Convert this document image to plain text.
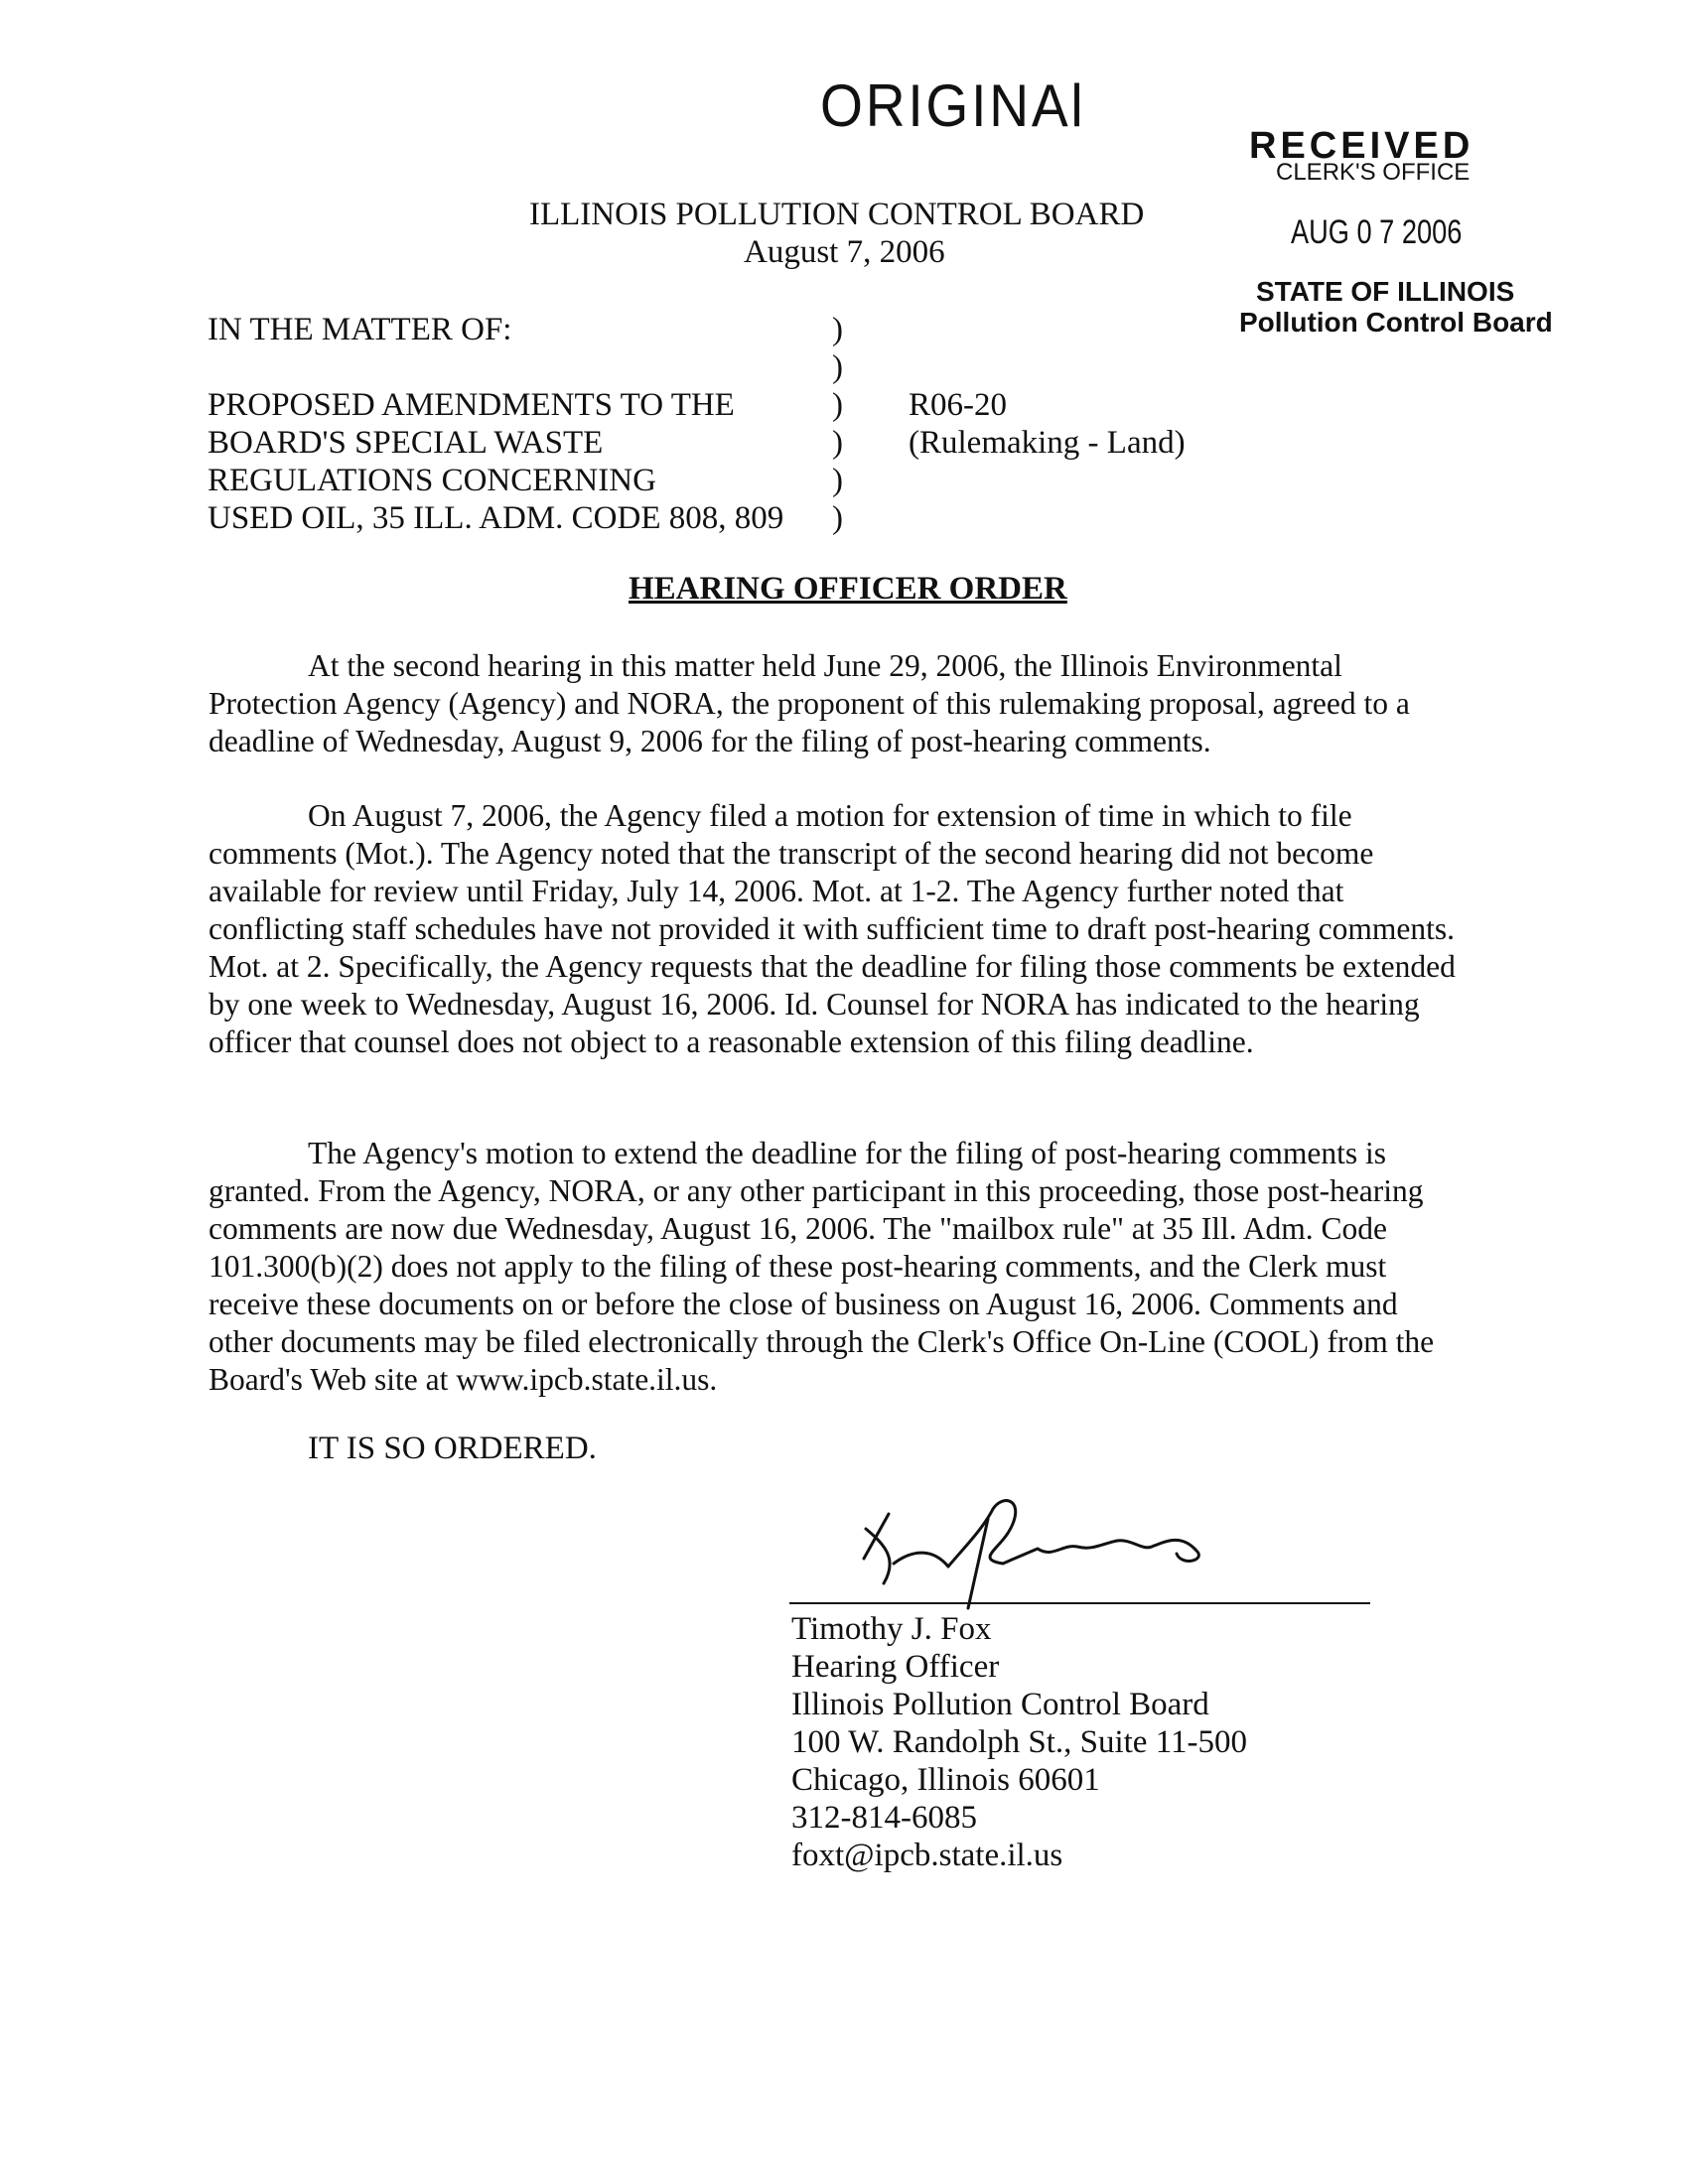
ORIGINAl
RECEIVED
CLERK'S OFFICE
AUG 0 7 2006
STATE OF ILLINOIS
Pollution Control Board
ILLINOIS POLLUTION CONTROL BOARD
August 7, 2006
IN THE MATTER OF:
PROPOSED AMENDMENTS TO THE
BOARD'S SPECIAL WASTE
REGULATIONS CONCERNING
USED OIL, 35 ILL. ADM. CODE 808, 809
)
)
)
)
)
)
R06-20
(Rulemaking - Land)
HEARING OFFICER ORDER
At the second hearing in this matter held June 29, 2006, the Illinois Environmental Protection Agency (Agency) and NORA, the proponent of this rulemaking proposal, agreed to a deadline of Wednesday, August 9, 2006 for the filing of post-hearing comments.
On August 7, 2006, the Agency filed a motion for extension of time in which to file comments (Mot.). The Agency noted that the transcript of the second hearing did not become available for review until Friday, July 14, 2006. Mot. at 1-2. The Agency further noted that conflicting staff schedules have not provided it with sufficient time to draft post-hearing comments. Mot. at 2. Specifically, the Agency requests that the deadline for filing those comments be extended by one week to Wednesday, August 16, 2006. Id. Counsel for NORA has indicated to the hearing officer that counsel does not object to a reasonable extension of this filing deadline.
The Agency's motion to extend the deadline for the filing of post-hearing comments is granted. From the Agency, NORA, or any other participant in this proceeding, those post-hearing comments are now due Wednesday, August 16, 2006. The "mailbox rule" at 35 Ill. Adm. Code 101.300(b)(2) does not apply to the filing of these post-hearing comments, and the Clerk must receive these documents on or before the close of business on August 16, 2006. Comments and other documents may be filed electronically through the Clerk's Office On-Line (COOL) from the Board's Web site at www.ipcb.state.il.us.
IT IS SO ORDERED.
Timothy J. Fox
Hearing Officer
Illinois Pollution Control Board
100 W. Randolph St., Suite 11-500
Chicago, Illinois 60601
312-814-6085
foxt@ipcb.state.il.us
